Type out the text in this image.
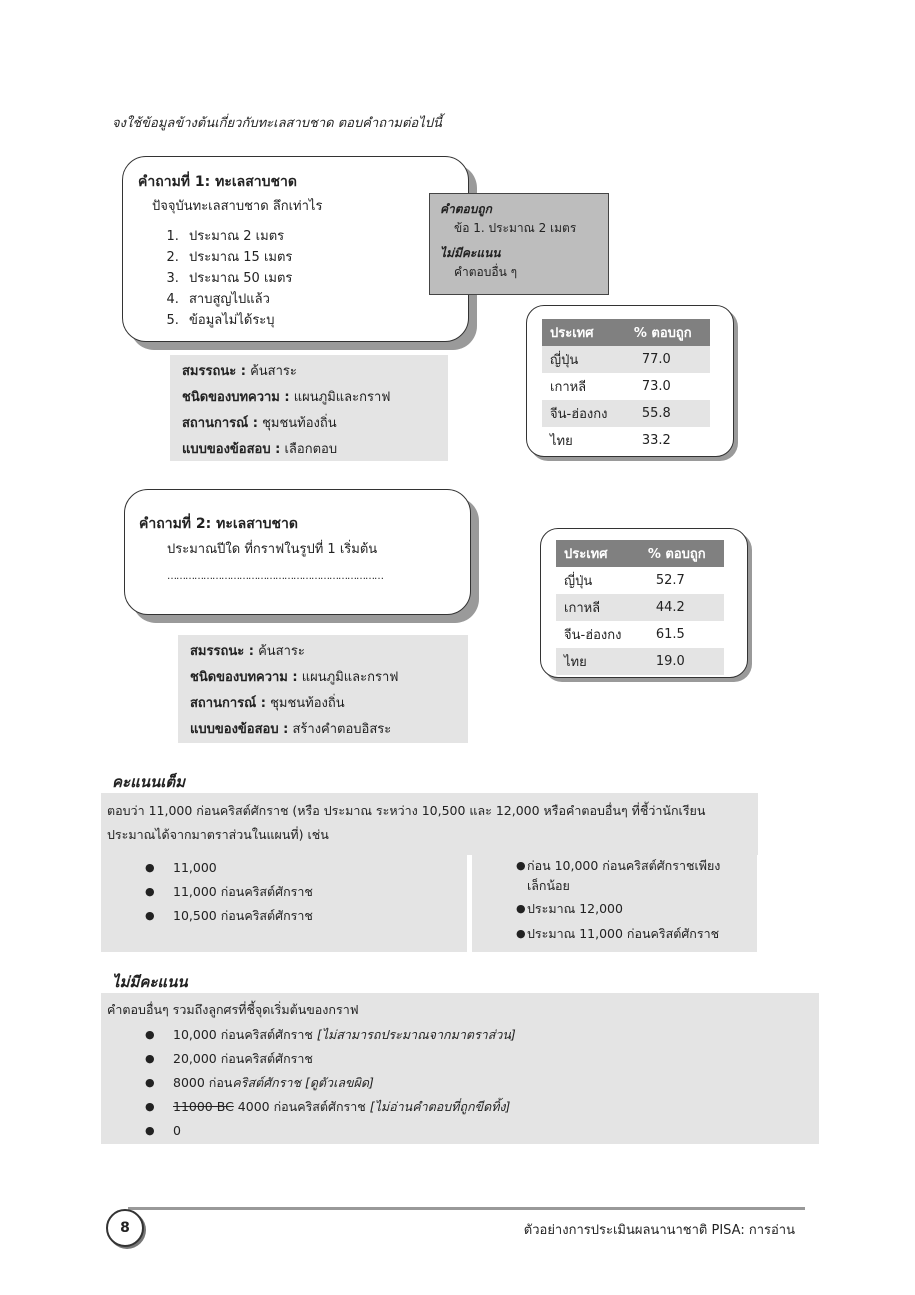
จงใช้ข้อมูลข้างต้นเกี่ยวกับทะเลสาบชาด ตอบคำถามต่อไปนี้
คำถามที่ 1: ทะเลสาบชาด
ปัจจุบันทะเลสาบชาด ลึกเท่าไร
1. ประมาณ 2 เมตร
2. ประมาณ 15 เมตร
3. ประมาณ 50 เมตร
4. สาบสูญไปแล้ว
5. ข้อมูลไม่ได้ระบุ
คำตอบถูก
ข้อ 1. ประมาณ 2 เมตร
ไม่มีคะแนน
คำตอบอื่น ๆ
สมรรถนะ : ค้นสาระ
ชนิดของบทความ : แผนภูมิและกราฟ
สถานการณ์ : ชุมชนท้องถิ่น
แบบของข้อสอบ : เลือกตอบ
ประเทศ	% ตอบถูก
ญี่ปุ่น	77.0
เกาหลี	73.0
จีน-ฮ่องกง	55.8
ไทย	33.2
คำถามที่ 2: ทะเลสาบชาด
ประมาณปีใด ที่กราฟในรูปที่ 1 เริ่มต้น
………………………………………………………………
ประเทศ	% ตอบถูก
ญี่ปุ่น	52.7
เกาหลี	44.2
จีน-ฮ่องกง	61.5
ไทย	19.0
สมรรถนะ : ค้นสาระ
ชนิดของบทความ : แผนภูมิและกราฟ
สถานการณ์ : ชุมชนท้องถิ่น
แบบของข้อสอบ : สร้างคำตอบอิสระ
คะแนนเต็ม
ตอบว่า 11,000 ก่อนคริสต์ศักราช (หรือ ประมาณ ระหว่าง 10,500 และ 12,000 หรือคำตอบอื่นๆ ที่ชี้ว่านักเรียน
ประมาณได้จากมาตราส่วนในแผนที่) เช่น
● 11,000
● 11,000 ก่อนคริสต์ศักราช
● 10,500 ก่อนคริสต์ศักราช
● ก่อน 10,000 ก่อนคริสต์ศักราชเพียงเล็กน้อย
● ประมาณ 12,000
● ประมาณ 11,000 ก่อนคริสต์ศักราช
ไม่มีคะแนน
คำตอบอื่นๆ รวมถึงลูกศรที่ชี้จุดเริ่มต้นของกราฟ
● 10,000 ก่อนคริสต์ศักราช [ไม่สามารถประมาณจากมาตราส่วน]
● 20,000 ก่อนคริสต์ศักราช
● 8000 ก่อนคริสต์ศักราช [ดูตัวเลขผิด]
● 11000 BC 4000 ก่อนคริสต์ศักราช [ไม่อ่านคำตอบที่ถูกขีดทิ้ง]
● 0
8	ตัวอย่างการประเมินผลนานาชาติ PISA: การอ่าน
